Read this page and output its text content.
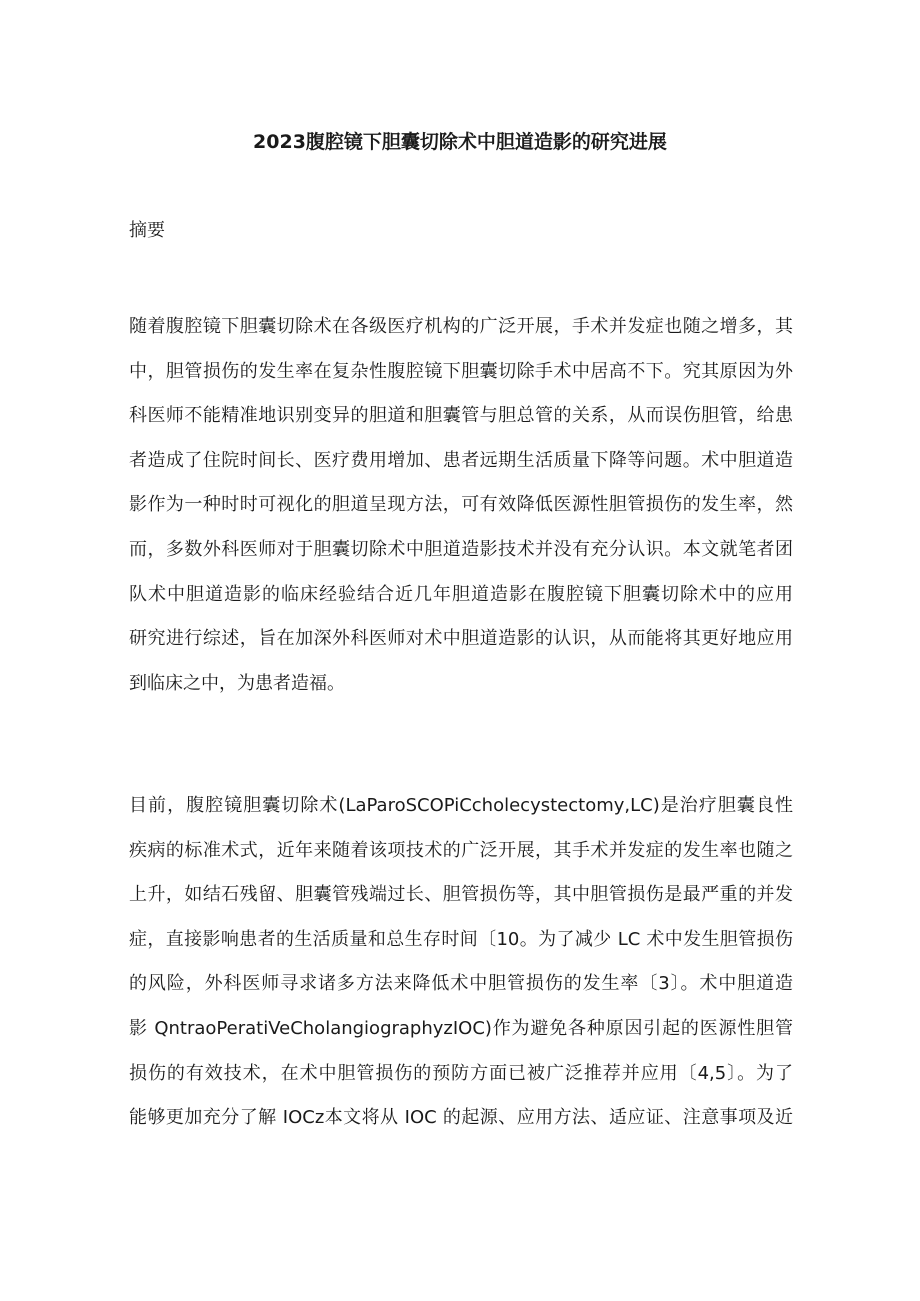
2023腹腔镜下胆囊切除术中胆道造影的研究进展
摘要
随着腹腔镜下胆囊切除术在各级医疗机构的广泛开展，手术并发症也随之增多，其
中，胆管损伤的发生率在复杂性腹腔镜下胆囊切除手术中居高不下。究其原因为外
科医师不能精准地识别变异的胆道和胆囊管与胆总管的关系，从而误伤胆管，给患
者造成了住院时间长、医疗费用增加、患者远期生活质量下降等问题。术中胆道造
影作为一种时时可视化的胆道呈现方法，可有效降低医源性胆管损伤的发生率，然
而，多数外科医师对于胆囊切除术中胆道造影技术并没有充分认识。本文就笔者团
队术中胆道造影的临床经验结合近几年胆道造影在腹腔镜下胆囊切除术中的应用
研究进行综述，旨在加深外科医师对术中胆道造影的认识，从而能将其更好地应用
到临床之中，为患者造福。
目前，腹腔镜胆囊切除术(LaParoSCOPiCcholecystectomy,LC)是治疗胆囊良性
疾病的标准术式，近年来随着该项技术的广泛开展，其手术并发症的发生率也随之
上升，如结石残留、胆囊管残端过长、胆管损伤等，其中胆管损伤是最严重的并发
症，直接影响患者的生活质量和总生存时间〔10。为了减少 LC 术中发生胆管损伤
的风险，外科医师寻求诸多方法来降低术中胆管损伤的发生率〔3〕。术中胆道造
影 QntraoPeratiVeCholangiographyzIOC)作为避免各种原因引起的医源性胆管
损伤的有效技术，在术中胆管损伤的预防方面已被广泛推荐并应用〔4,5〕。为了
能够更加充分了解 IOCz本文将从 IOC 的起源、应用方法、适应证、注意事项及近
